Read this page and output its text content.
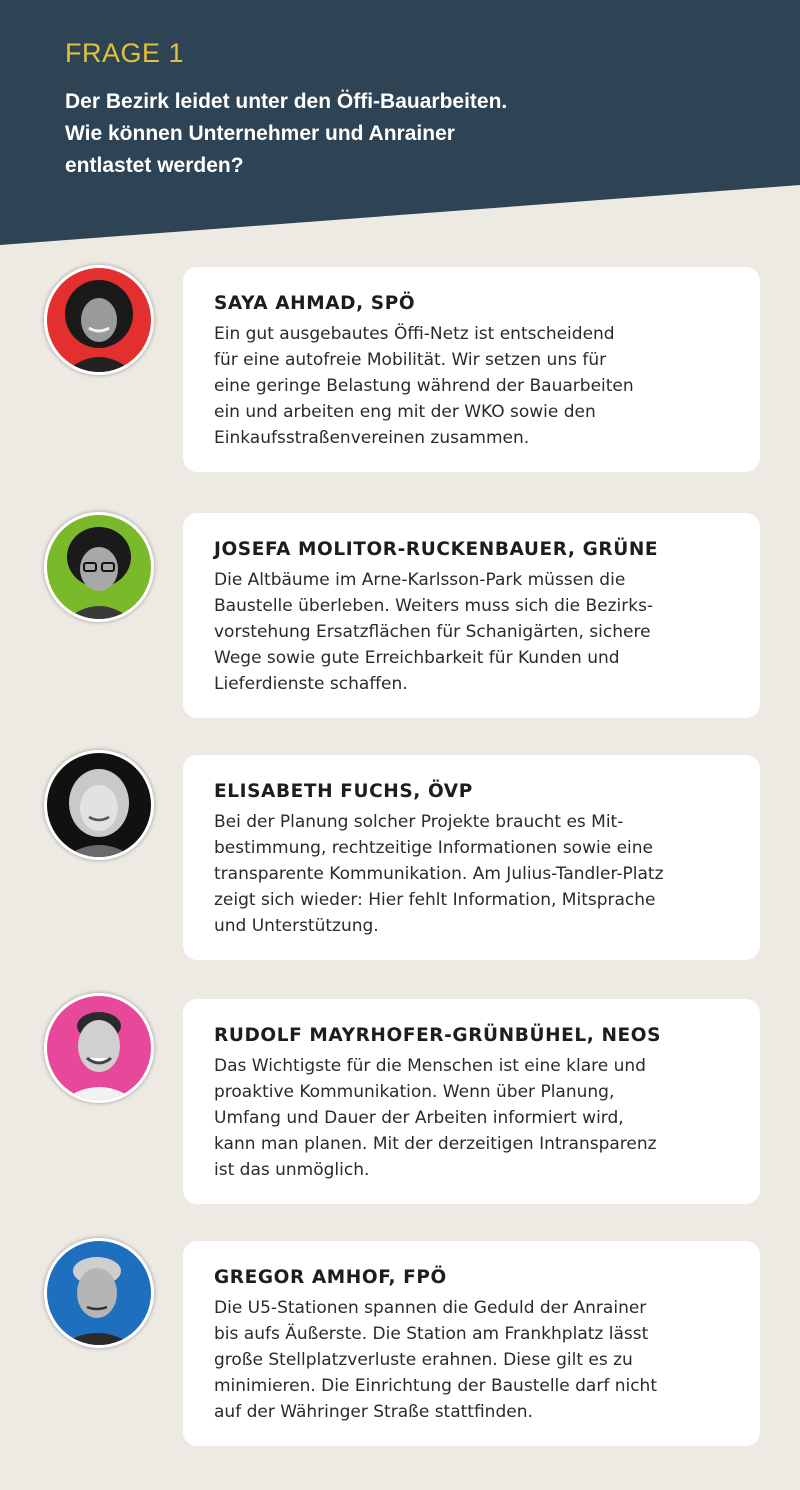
FRAGE 1
Der Bezirk leidet unter den Öffi-Bauarbeiten.
Wie können Unternehmer und Anrainer
entlastet werden?
SAYA AHMAD, SPÖ
Ein gut ausgebautes Öffi-Netz ist entscheidend
für eine autofreie Mobilität. Wir setzen uns für
eine geringe Belastung während der Bauarbeiten
ein und arbeiten eng mit der WKO sowie den
Einkaufsstraßenvereinen zusammen.
JOSEFA MOLITOR-RUCKENBAUER, GRÜNE
Die Altbäume im Arne-Karlsson-Park müssen die
Baustelle überleben. Weiters muss sich die Bezirks-
vorstehung Ersatzflächen für Schanigärten, sichere
Wege sowie gute Erreichbarkeit für Kunden und
Lieferdienste schaffen.
ELISABETH FUCHS, ÖVP
Bei der Planung solcher Projekte braucht es Mit-
bestimmung, rechtzeitige Informationen sowie eine
transparente Kommunikation. Am Julius-Tandler-Platz
zeigt sich wieder: Hier fehlt Information, Mitsprache
und Unterstützung.
RUDOLF MAYRHOFER-GRÜNBÜHEL, NEOS
Das Wichtigste für die Menschen ist eine klare und
proaktive Kommunikation. Wenn über Planung,
Umfang und Dauer der Arbeiten informiert wird,
kann man planen. Mit der derzeitigen Intransparenz
ist das unmöglich.
GREGOR AMHOF, FPÖ
Die U5-Stationen spannen die Geduld der Anrainer
bis aufs Äußerste. Die Station am Frankhplatz lässt
große Stellplatzverluste erahnen. Diese gilt es zu
minimieren. Die Einrichtung der Baustelle darf nicht
auf der Währinger Straße stattfinden.
